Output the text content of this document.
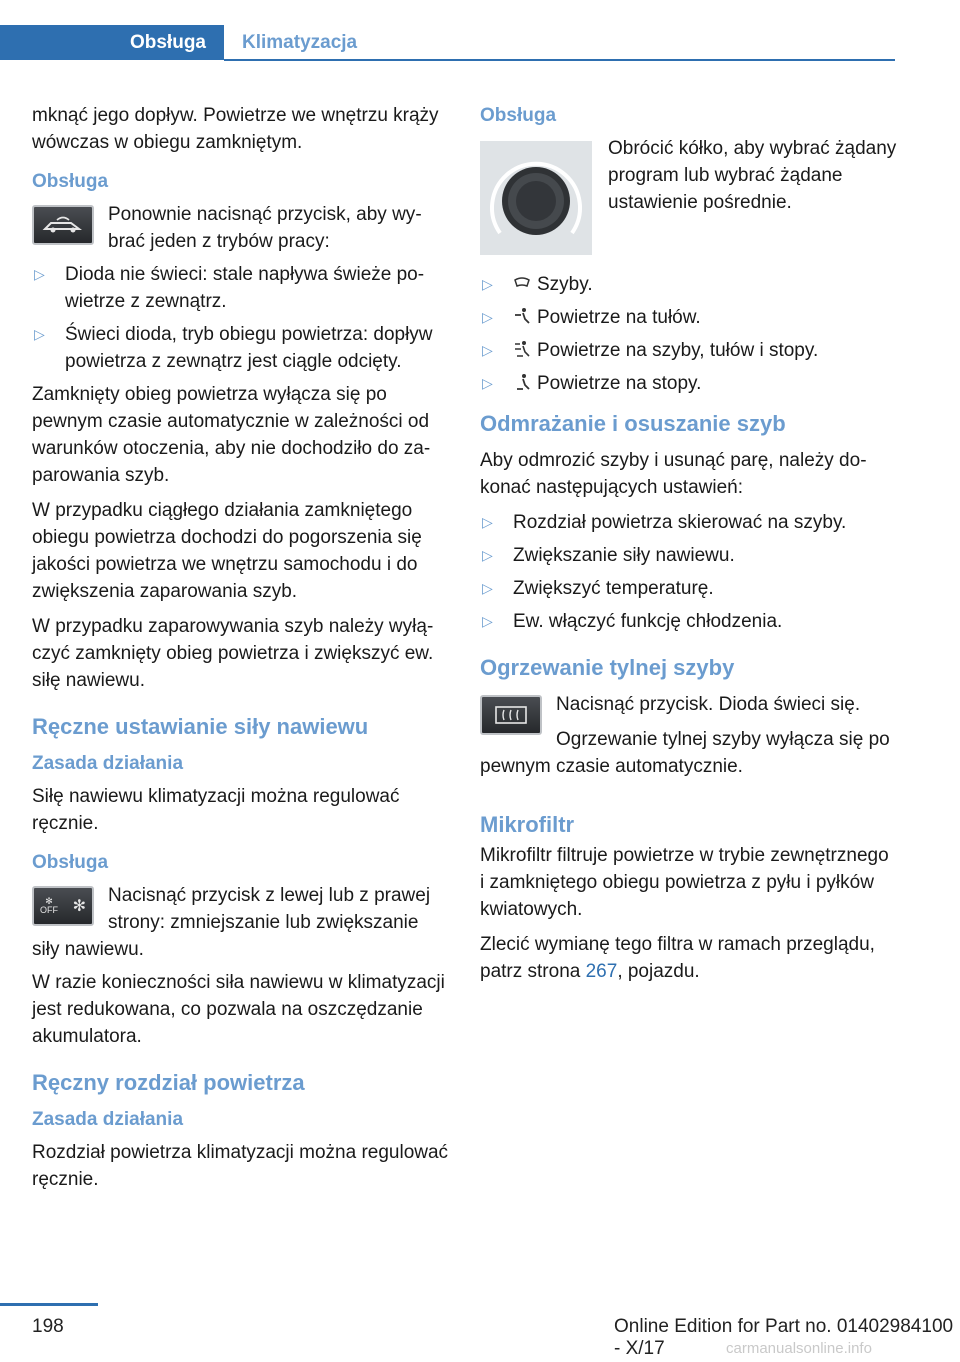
Obsługa	Klimatyzacja

mknąć jego dopływ. Powietrze we wnętrzu krąży wówczas w obiegu zamkniętym.

Obsługa
Ponownie nacisnąć przycisk, aby wybrać jeden z trybów pracy:
▷ Dioda nie świeci: stale napływa świeże powietrze z zewnątrz.
▷ Świeci dioda, tryb obiegu powietrza: dopływ powietrza z zewnątrz jest ciągle odcięty.

Zamknięty obieg powietrza wyłącza się po pewnym czasie automatycznie w zależności od warunków otoczenia, aby nie dochodziło do zaparowania szyb.

W przypadku ciągłego działania zamkniętego obiegu powietrza dochodzi do pogorszenia się jakości powietrza we wnętrzu samochodu i do zwiększenia zaparowania szyb.

W przypadku zaparowywania szyb należy wyłączyć zamknięty obieg powietrza i zwiększyć ew. siłę nawiewu.

Ręczne ustawianie siły nawiewu
Zasada działania

Siłę nawiewu klimatyzacji można regulować ręcznie.

Obsługa
✻
OFF ✻	Nacisnąć przycisk z lewej lub z prawej strony: zmniejszanie lub zwiększanie siły nawiewu.

W razie konieczności siła nawiewu w klimatyzacji jest redukowana, co pozwala na oszczędzanie akumulatora.

Ręczny rozdział powietrza
Zasada działania

Rozdział powietrza klimatyzacji można regulować ręcznie.

Obsługa
Obrócić kółko, aby wybrać żądany program lub wybrać żądane ustawienie pośrednie.
▷ Szyby.
▷ Powietrze na tułów.
▷ Powietrze na szyby, tułów i stopy.
▷ Powietrze na stopy.
Odmrażanie i osuszanie szyb

Aby odmrozić szyby i usunąć parę, należy dokonać następujących ustawień:

▷ Rozdział powietrza skierować na szyby.
▷ Zwiększanie siły nawiewu.
▷ Zwiększyć temperaturę.
▷ Ew. włączyć funkcję chłodzenia.
Ogrzewanie tylnej szyby

Nacisnąć przycisk. Dioda świeci się.

Ogrzewanie tylnej szyby wyłącza się po pewnym czasie automatycznie.

Mikrofiltr

Mikrofiltr filtruje powietrze w trybie zewnętrznego i zamkniętego obiegu powietrza z pyłu i pyłków kwiatowych.

Zlecić wymianę tego filtra w ramach przeglądu, patrz strona 267, pojazdu.

198	Online Edition for Part no. 01402984100 - X/17	carmanualsonline.info
